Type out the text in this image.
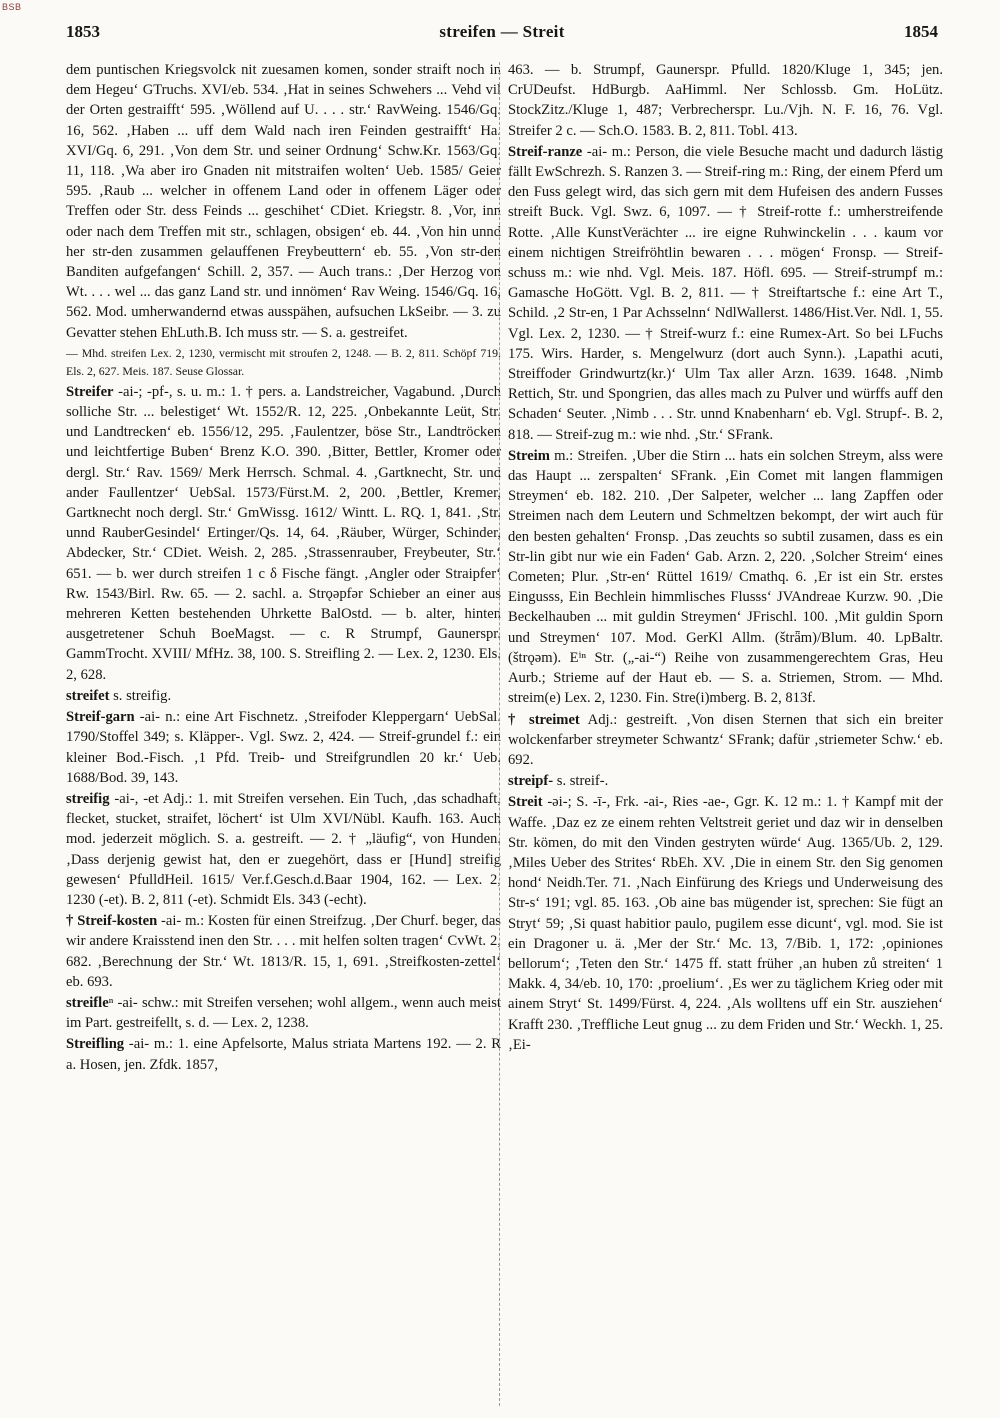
BSB
1853	streifen — Streit	1854

dem puntischen Kriegsvolck nit zuesamen komen, sonder straift noch in dem Hegeu‘ GTruchs. XVI/eb. 534. ‚Hat in seines Schwehers ... Vehd vil der Orten gestraifft‘ 595. ‚Wöllend auf U. . . . str.‘ RavWeing. 1546/Gq. 16, 562. ‚Haben ... uff dem Wald nach iren Feinden gestraifft‘ Ha. XVI/Gq. 6, 291. ‚Von dem Str. und seiner Ordnung‘ Schw.Kr. 1563/Gq. 11, 118. ‚Wa aber iro Gnaden nit mitstraifen wolten‘ Ueb. 1585/ Geier 595. ‚Raub ... welcher in offenem Land oder in offenem Läger oder Treffen oder Str. dess Feinds ... geschihet‘ CDiet. Kriegstr. 8. ‚Vor, inn oder nach dem Treffen mit str., schlagen, obsigen‘ eb. 44. ‚Von hin unnd her str-den zusammen gelauffenen Freybeuttern‘ eb. 55. ‚Von str-den Banditen aufgefangen‘ Schill. 2, 357. — Auch trans.: ‚Der Herzog von Wt. . . . wel ... das ganz Land str. und innömen‘ Rav Weing. 1546/Gq. 16, 562. Mod. umherwandernd etwas ausspähen, aufsuchen LkSeibr. — 3. zu Gevatter stehen EhLuth.B. Ich muss str. — S. a. gestreifet.

— Mhd. streifen Lex. 2, 1230, vermischt mit stroufen 2, 1248. — B. 2, 811. Schöpf 719. Els. 2, 627. Meis. 187. Seuse Glossar.

Streifer -ai-; -pf-, s. u. m.: 1. † pers. a. Landstreicher, Vagabund. ‚Durch solliche Str. ... belestiget‘ Wt. 1552/R. 12, 225. ‚Onbekannte Leüt, Str. und Landtrecken‘ eb. 1556/12, 295. ‚Faulentzer, böse Str., Landtröcken und leichtfertige Buben‘ Brenz K.O. 390. ‚Bitter, Bettler, Kromer oder dergl. Str.‘ Rav. 1569/ Merk Herrsch. Schmal. 4. ‚Gartknecht, Str. und ander Faullentzer‘ UebSal. 1573/Fürst.M. 2, 200. ‚Bettler, Kremer, Gartknecht noch dergl. Str.‘ GmWissg. 1612/ Wintt. L. RQ. 1, 841. ‚Str. unnd RauberGesindel‘ Ertinger/Qs. 14, 64. ‚Räuber, Würger, Schinder, Abdecker, Str.‘ CDiet. Weish. 2, 285. ‚Strassenrauber, Freybeuter, Str.‘ 651. — b. wer durch streifen 1 c δ Fische fängt. ‚Angler oder Straipfer‘ Rw. 1543/Birl. Rw. 65. — 2. sachl. a. Strǫəpfər Schieber an einer aus mehreren Ketten bestehenden Uhrkette BalOstd. — b. alter, hinten ausgetretener Schuh BoeMagst. — c. R Strumpf, Gaunerspr. GammTrocht. XVIII/ MfHz. 38, 100. S. Streifling 2. — Lex. 2, 1230. Els. 2, 628.

streifet s. streifig.

Streif-garn -ai- n.: eine Art Fischnetz. ‚Streifoder Kleppergarn‘ UebSal. 1790/Stoffel 349; s. Kläpper-. Vgl. Swz. 2, 424. — Streif-grundel f.: ein kleiner Bod.-Fisch. ‚1 Pfd. Treib- und Streifgrundlen 20 kr.‘ Ueb. 1688/Bod. 39, 143.

streifig -ai-, -et Adj.: 1. mit Streifen versehen. Ein Tuch, ‚das schadhaft, flecket, stucket, straifet, löchert‘ ist Ulm XVI/Nübl. Kaufh. 163. Auch mod. jederzeit möglich. S. a. gestreift. — 2. † „läufig“, von Hunden. ‚Dass derjenig gewist hat, den er zuegehört, dass er [Hund] streifig gewesen‘ PfulldHeil. 1615/ Ver.f.Gesch.d.Baar 1904, 162. — Lex. 2, 1230 (-et). B. 2, 811 (-et). Schmidt Els. 343 (-echt).

† Streif-kosten -ai- m.: Kosten für einen Streifzug. ‚Der Churf. beger, das wir andere Kraisstend inen den Str. . . . mit helfen solten tragen‘ CvWt. 2, 682. ‚Berechnung der Str.‘ Wt. 1813/R. 15, 1, 691. ‚Streifkosten-zettel‘ eb. 693.

streifleⁿ -ai- schw.: mit Streifen versehen; wohl allgem., wenn auch meist im Part. gestreifellt, s. d. — Lex. 2, 1238.

Streifling -ai- m.: 1. eine Apfelsorte, Malus striata Martens 192. — 2. R a. Hosen, jen. Zfdk. 1857,

463. — b. Strumpf, Gaunerspr. Pfulld. 1820/Kluge 1, 345; jen. CrUDeufst. HdBurgb. AaHimml. Ner Schlossb. Gm. HoLütz. StockZitz./Kluge 1, 487; Verbrecherspr. Lu./Vjh. N. F. 16, 76. Vgl. Streifer 2 c. — Sch.O. 1583. B. 2, 811. Tobl. 413.

Streif-ranze -ai- m.: Person, die viele Besuche macht und dadurch lästig fällt EwSchrezh. S. Ranzen 3. — Streif-ring m.: Ring, der einem Pferd um den Fuss gelegt wird, das sich gern mit dem Hufeisen des andern Fusses streift Buck. Vgl. Swz. 6, 1097. — † Streif-rotte f.: umherstreifende Rotte. ‚Alle KunstVerächter ... ire eigne Ruhwinckelin . . . kaum vor einem nichtigen Streifröhtlin bewaren . . . mögen‘ Fronsp. — Streif-schuss m.: wie nhd. Vgl. Meis. 187. Höfl. 695. — Streif-strumpf m.: Gamasche HoGött. Vgl. B. 2, 811. — † Streiftartsche f.: eine Art T., Schild. ‚2 Str-en, 1 Par Achsselnn‘ NdlWallerst. 1486/Hist.Ver. Ndl. 1, 55. Vgl. Lex. 2, 1230. — † Streif-wurz f.: eine Rumex-Art. So bei LFuchs 175. Wirs. Harder, s. Mengelwurz (dort auch Synn.). ‚Lapathi acuti, Streiffoder Grindwurtz(kr.)‘ Ulm Tax aller Arzn. 1639. 1648. ‚Nimb Rettich, Str. und Spongrien, das alles mach zu Pulver und würffs auff den Schaden‘ Seuter. ‚Nimb . . . Str. unnd Knabenharn‘ eb. Vgl. Strupf-. B. 2, 818. — Streif-zug m.: wie nhd. ‚Str.‘ SFrank.

Streim m.: Streifen. ‚Uber die Stirn ... hats ein solchen Streym, alss were das Haupt ... zerspalten‘ SFrank. ‚Ein Comet mit langen flammigen Streymen‘ eb. 182. 210. ‚Der Salpeter, welcher ... lang Zapffen oder Streimen nach dem Leutern und Schmeltzen bekompt, der wirt auch für den besten gehalten‘ Fronsp. ‚Das zeuchts so subtil zusamen, dass es ein Str-lin gibt nur wie ein Faden‘ Gab. Arzn. 2, 220. ‚Solcher Streim‘ eines Cometen; Plur. ‚Str-en‘ Rüttel 1619/ Cmathq. 6. ‚Er ist ein Str. erstes Eingusss, Ein Bechlein himmlisches Flusss‘ JVAndreae Kurzw. 90. ‚Die Beckelhauben ... mit guldin Streymen‘ JFrischl. 100. ‚Mit guldin Sporn und Streymen‘ 107. Mod. GerKl Allm. (štrǟm)/Blum. 40. LpBaltr. (štrǫəm). Eⁱⁿ Str. („-ai-“) Reihe von zusammengerechtem Gras, Heu Aurb.; Strieme auf der Haut eb. — S. a. Striemen, Strom. — Mhd. streim(e) Lex. 2, 1230. Fin. Stre(i)mberg. B. 2, 813f.

† streimet Adj.: gestreift. ‚Von disen Sternen that sich ein breiter wolckenfarber streymeter Schwantz‘ SFrank; dafür ‚striemeter Schw.‘ eb. 692.

streipf- s. streif-.

Streit -əi-; S. -ī-, Frk. -ai-, Ries -ae-, Ggr. K. 12 m.: 1. † Kampf mit der Waffe. ‚Daz ez ze einem rehten Veltstreit geriet und daz wir in denselben Str. kömen, do mit den Vinden gestryten würde‘ Aug. 1365/Ub. 2, 129. ‚Miles Ueber des Strites‘ RbEh. XV. ‚Die in einem Str. den Sig genomen hond‘ Neidh.Ter. 71. ‚Nach Einfürung des Kriegs und Underweisung des Str-s‘ 191; vgl. 85. 163. ‚Ob aine bas mügender ist, sprechen: Sie fügt an Stryt‘ 59; ‚Si quast habitior paulo, pugilem esse dicunt‘, vgl. mod. Sie ist ein Dragoner u. ä. ‚Mer der Str.‘ Mc. 13, 7/Bib. 1, 172: ‚opiniones bellorum‘; ‚Teten den Str.‘ 1475 ff. statt früher ‚an huben zů streiten‘ 1 Makk. 4, 34/eb. 10, 170: ‚proelium‘. ‚Es wer zu täglichem Krieg oder mit ainem Stryt‘ St. 1499/Fürst. 4, 224. ‚Als wolltens uff ein Str. ausziehen‘ Krafft 230. ‚Treffliche Leut gnug ... zu dem Friden und Str.‘ Weckh. 1, 25. ‚Ei-
